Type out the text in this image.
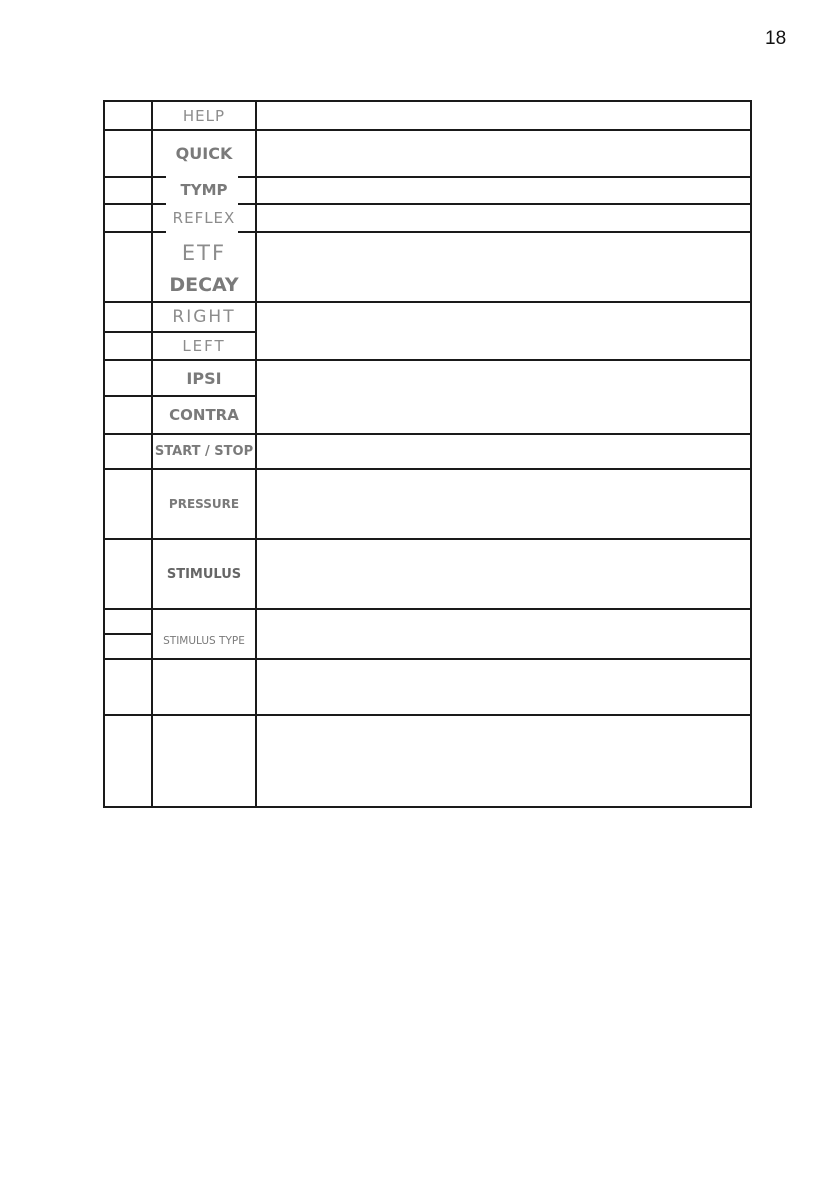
18
HELP
QUICK
TYMP
REFLEX
ETF
DECAY
RIGHT
LEFT
IPSI
CONTRA
START / STOP
PRESSURE
STIMULUS
STIMULUS TYPE
